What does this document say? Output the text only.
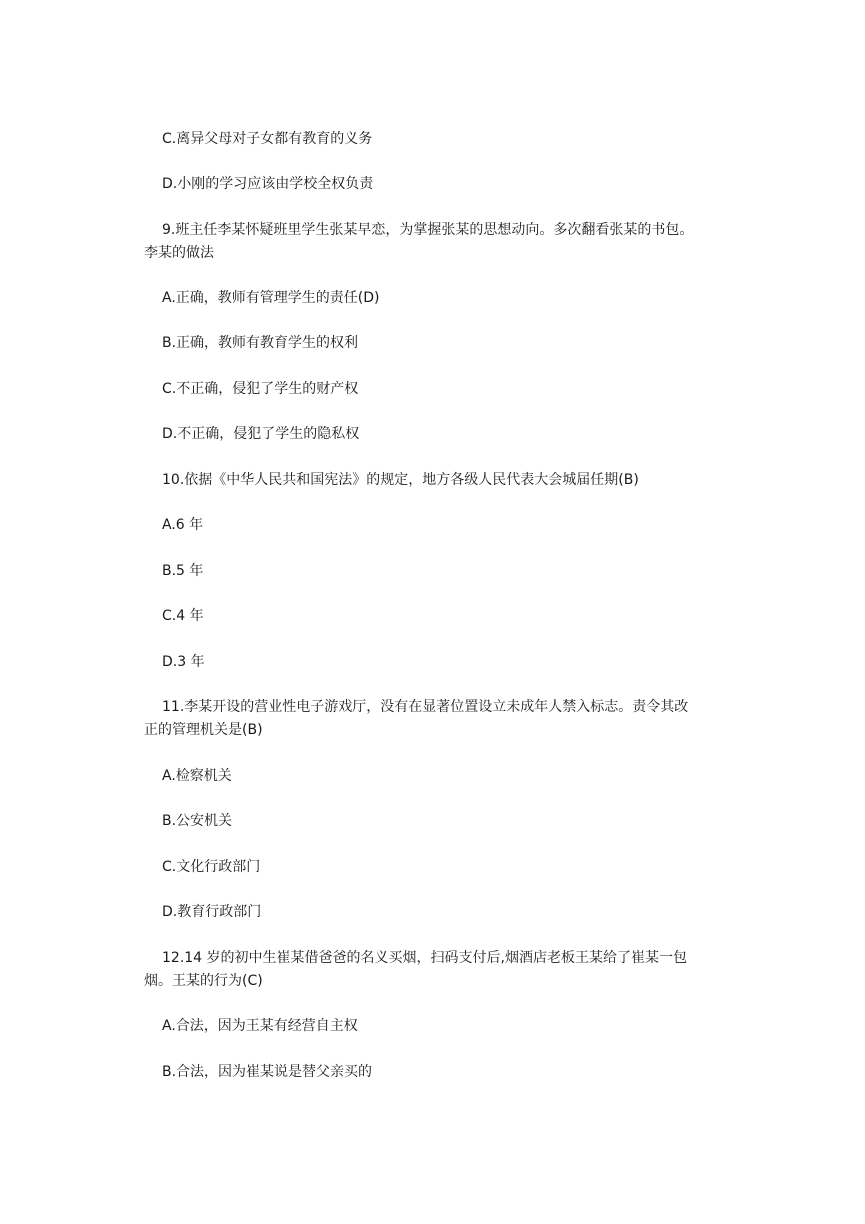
C.离异父母对子女都有教育的义务
D.小刚的学习应该由学校全权负责
9.班主任李某怀疑班里学生张某早恋，为掌握张某的思想动向。多次翻看张某的书包。
李某的做法
A.正确，教师有管理学生的责任(D)
B.正确，教师有教育学生的权利
C.不正确，侵犯了学生的财产权
D.不正确，侵犯了学生的隐私权
10.依据《中华人民共和国宪法》的规定，地方各级人民代表大会城届任期(B)
A.6 年
B.5 年
C.4 年
D.3 年
11.李某开设的营业性电子游戏厅，没有在显著位置设立未成年人禁入标志。责令其改
正的管理机关是(B)
A.检察机关
B.公安机关
C.文化行政部门
D.教育行政部门
12.14 岁的初中生崔某借爸爸的名义买烟，扫码支付后,烟酒店老板王某给了崔某一包
烟。王某的行为(C)
A.合法，因为王某有经营自主权
B.合法，因为崔某说是替父亲买的
